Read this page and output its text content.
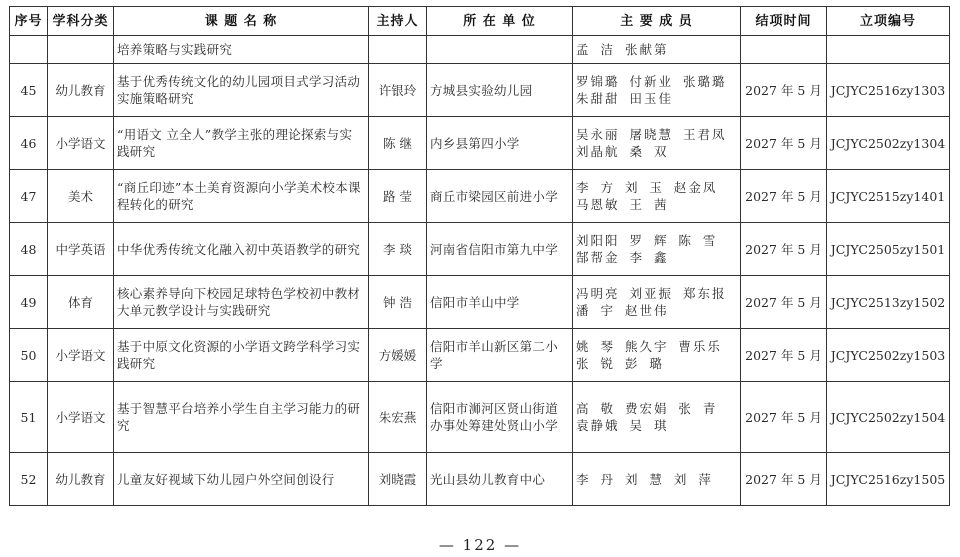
序号	学科分类	课 题 名 称	主持人	所 在 单 位	主 要 成 员	结项时间	立项编号
		培养策略与实践研究			孟 洁 张献第		
45	幼儿教育	基于优秀传统文化的幼儿园项目式学习活动实施策略研究	许银玲	方城县实验幼儿园	罗锦璐 付新业 张璐璐 朱甜甜 田玉佳	2027 年 5 月	JCJYC2516zy1303
46	小学语文	“用语文 立全人”教学主张的理论探索与实践研究	陈 继	内乡县第四小学	吴永丽 屠晓慧 王君凤 刘晶航 桑 双	2027 年 5 月	JCJYC2502zy1304
47	美术	“商丘印迹”本土美育资源向小学美术校本课程转化的研究	路 莹	商丘市梁园区前进小学	李 方 刘 玉 赵金凤 马恩敏 王 茜	2027 年 5 月	JCJYC2515zy1401
48	中学英语	中华优秀传统文化融入初中英语教学的研究	李 琰	河南省信阳市第九中学	刘阳阳 罗 辉 陈 雪 郜帮金 李 鑫	2027 年 5 月	JCJYC2505zy1501
49	体育	核心素养导向下校园足球特色学校初中教材大单元教学设计与实践研究	钟 浩	信阳市羊山中学	冯明亮 刘亚振 郑东报 潘 宇 赵世伟	2027 年 5 月	JCJYC2513zy1502
50	小学语文	基于中原文化资源的小学语文跨学科学习实践研究	方媛媛	信阳市羊山新区第二小学	姚 琴 熊久宇 曹乐乐 张 锐 彭 璐	2027 年 5 月	JCJYC2502zy1503
51	小学语文	基于智慧平台培养小学生自主学习能力的研究	朱宏燕	信阳市浉河区贤山街道办事处筹建处贤山小学	高 敬 费宏娟 张 青 袁静娥 吴 琪	2027 年 5 月	JCJYC2502zy1504
52	幼儿教育	儿童友好视域下幼儿园户外空间创设行	刘晓霞	光山县幼儿教育中心	李 丹 刘 慧 刘 萍	2027 年 5 月	JCJYC2516zy1505
— 122 —
